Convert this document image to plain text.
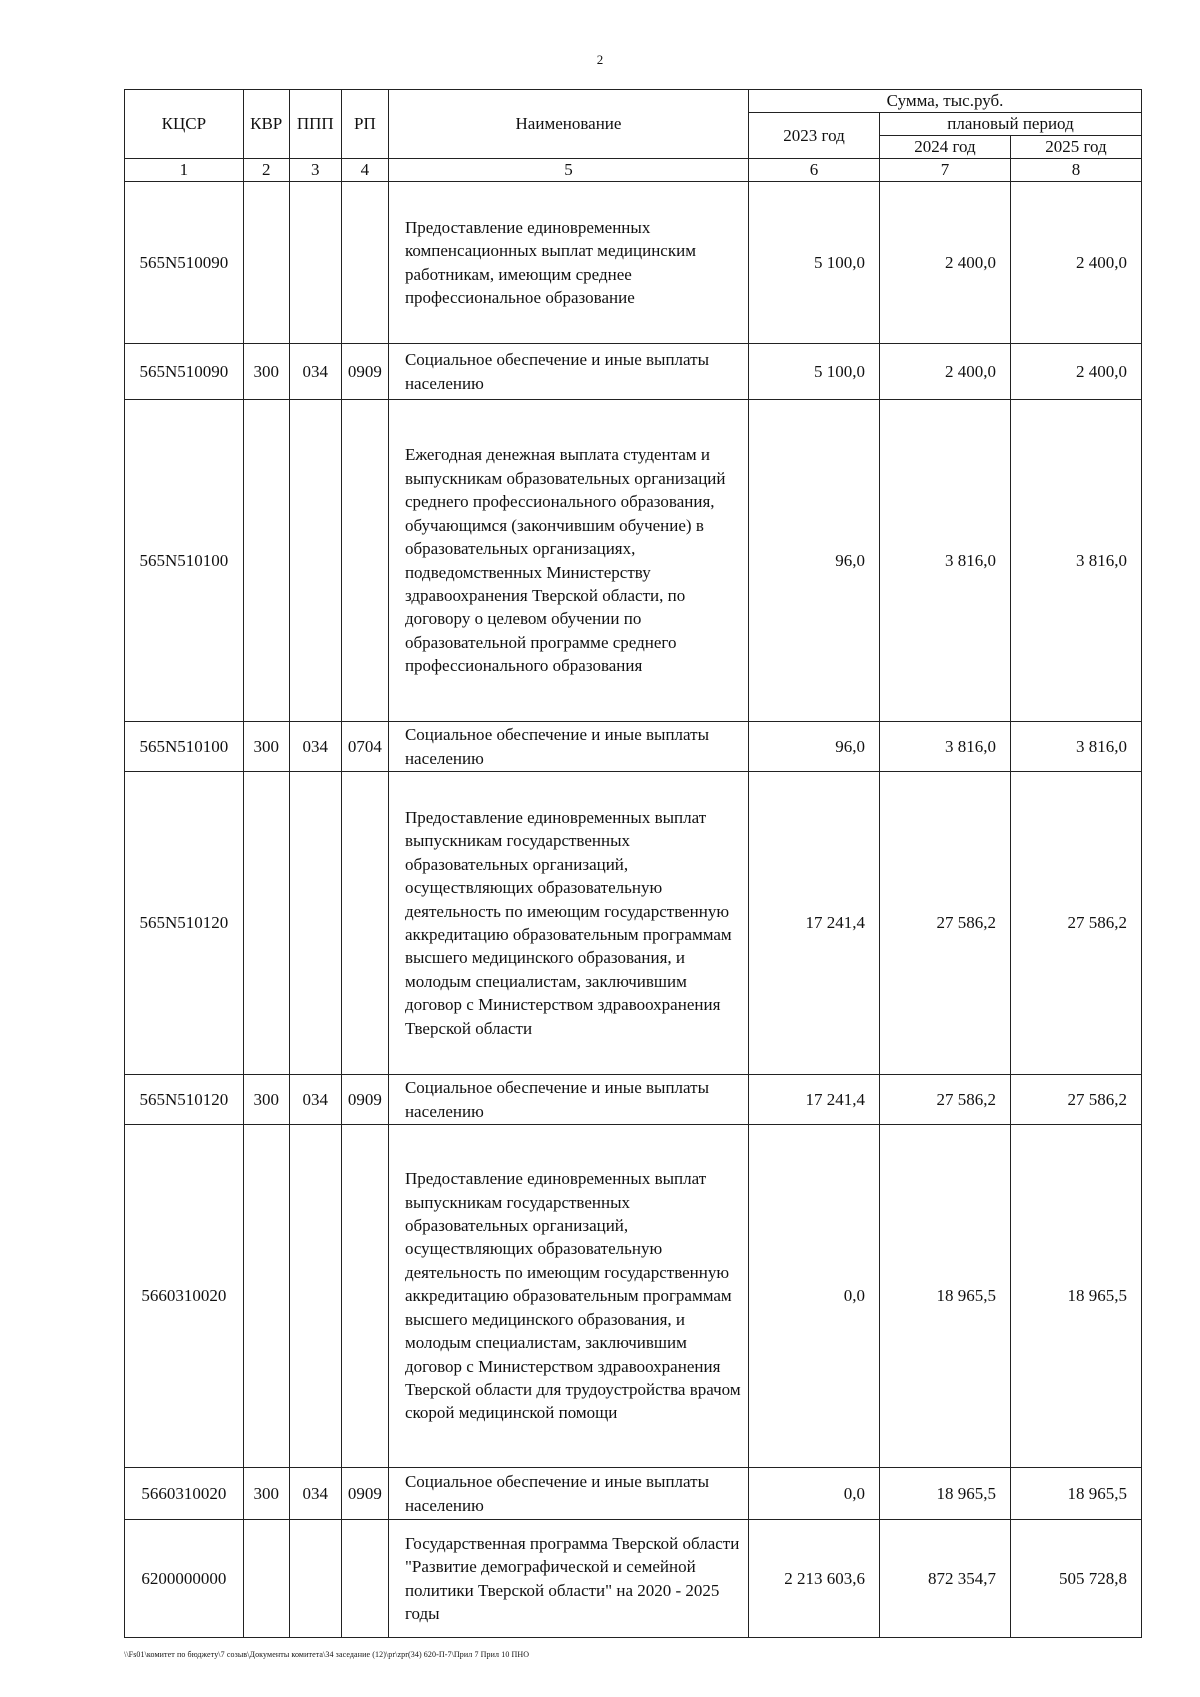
2
КЦСР	КВР	ППП	РП	Наименование	Сумма, тыс.руб.		
					2023 год	плановый период	
						2024 год	2025 год
1	2	3	4	5	6	7	8
565N510090				Предоставление единовременных компенсационных выплат медицинским работникам, имеющим среднее профессиональное образование	5 100,0	2 400,0	2 400,0
565N510090	300	034	0909	Социальное обеспечение и иные выплаты населению	5 100,0	2 400,0	2 400,0
565N510100				Ежегодная денежная выплата студентам и выпускникам образовательных организаций среднего профессионального образования, обучающимся (закончившим обучение) в образовательных организациях, подведомственных Министерству здравоохранения Тверской области, по договору о целевом обучении по образовательной программе среднего профессионального образования	96,0	3 816,0	3 816,0
565N510100	300	034	0704	Социальное обеспечение и иные выплаты населению	96,0	3 816,0	3 816,0
565N510120				Предоставление единовременных выплат выпускникам государственных образовательных организаций, осуществляющих образовательную деятельность по имеющим государственную аккредитацию образовательным программам высшего медицинского образования, и молодым специалистам, заключившим договор с Министерством здравоохранения Тверской области	17 241,4	27 586,2	27 586,2
565N510120	300	034	0909	Социальное обеспечение и иные выплаты населению	17 241,4	27 586,2	27 586,2
5660310020				Предоставление единовременных выплат выпускникам государственных образовательных организаций, осуществляющих образовательную деятельность по имеющим государственную аккредитацию образовательным программам высшего медицинского образования, и молодым специалистам, заключившим договор с Министерством здравоохранения Тверской области для трудоустройства врачом скорой медицинской помощи	0,0	18 965,5	18 965,5
5660310020	300	034	0909	Социальное обеспечение и иные выплаты населению	0,0	18 965,5	18 965,5
6200000000				Государственная программа Тверской области "Развитие демографической и семейной политики Тверской области" на 2020 - 2025 годы	2 213 603,6	872 354,7	505 728,8
\\Fs01\комитет по бюджету\7 созыв\Документы комитета\34 заседание (12)\pr\zpr(34) 620-П-7\Прил 7 Прил 10 ПНО
